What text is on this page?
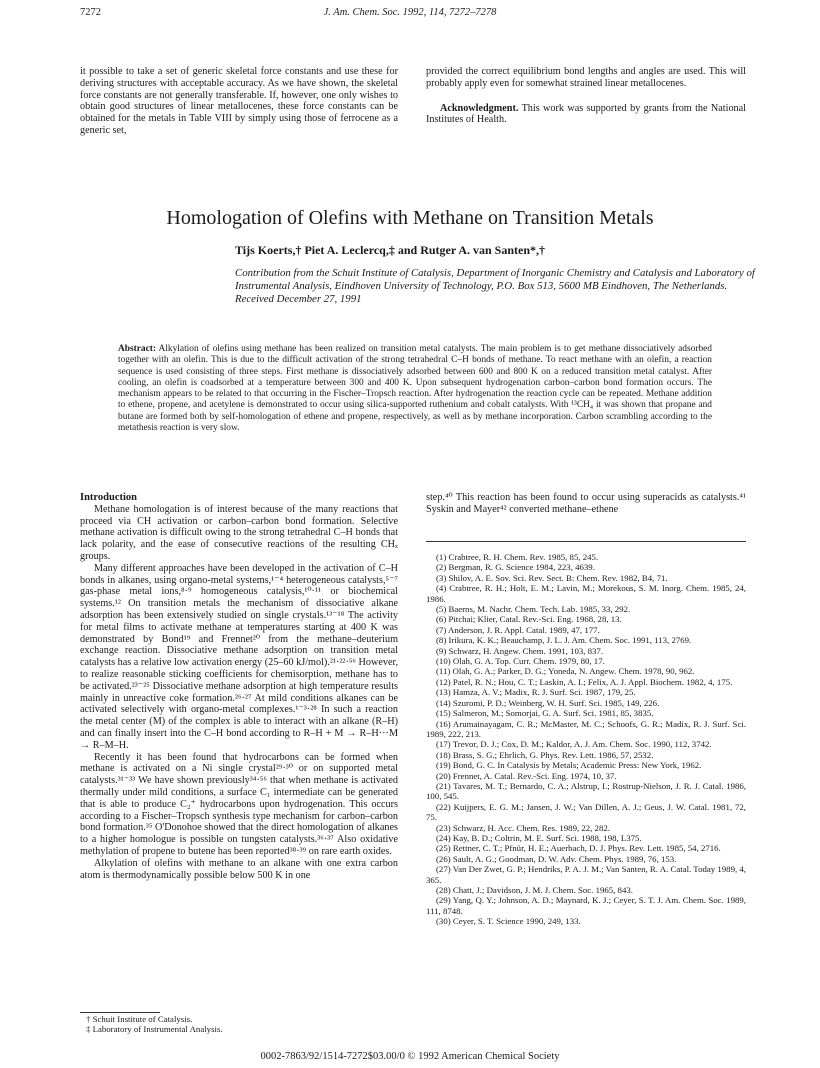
7272	J. Am. Chem. Soc. 1992, 114, 7272–7278

it possible to take a set of generic skeletal force constants and use these for deriving structures with acceptable accuracy. As we have shown, the skeletal force constants are not generally transferable. If, however, one only wishes to obtain good structures of linear metallocenes, these force constants can be obtained for the metals in Table VIII by simply using those of ferrocene as a generic set,

provided the correct equilibrium bond lengths and angles are used. This will probably apply even for somewhat strained linear metallocenes.

Acknowledgment. This work was supported by grants from the National Institutes of Health.

Homologation of Olefins with Methane on Transition Metals
Tijs Koerts,† Piet A. Leclercq,‡ and Rutger A. van Santen*,†
Contribution from the Schuit Institute of Catalysis, Department of Inorganic Chemistry and Catalysis and Laboratory of Instrumental Analysis, Eindhoven University of Technology, P.O. Box 513, 5600 MB Eindhoven, The Netherlands. Received December 27, 1991
Abstract: Alkylation of olefins using methane has been realized on transition metal catalysts. The main problem is to get methane dissociatively adsorbed together with an olefin. This is due to the difficult activation of the strong tetrahedral C–H bonds of methane. To react methane with an olefin, a reaction sequence is used consisting of three steps. First methane is dissociatively adsorbed between 600 and 800 K on a reduced transition metal catalyst. After cooling, an olefin is coadsorbed at a temperature between 300 and 400 K. Upon subsequent hydrogenation carbon–carbon bond formation occurs. The mechanism appears to be related to that occurring in the Fischer–Tropsch reaction. After hydrogenation the reaction cycle can be repeated. Methane addition to ethene, propene, and acetylene is demonstrated to occur using silica-supported ruthenium and cobalt catalysts. With ¹³CH₄ it was shown that propane and butane are formed both by self-homologation of ethene and propene, respectively, as well as by methane incorporation. Carbon scrambling according to the metathesis reaction is very slow.

Introduction

Methane homologation is of interest because of the many reactions that proceed via CH activation or carbon–carbon bond formation. Selective methane activation is difficult owing to the strong tetrahedral C–H bonds that lack polarity, and the ease of consecutive reactions of the resulting CHₓ groups.

Many different approaches have been developed in the activation of C–H bonds in alkanes, using organo-metal systems,¹⁻⁴ heterogeneous catalysts,⁵⁻⁷ gas-phase metal ions,⁸·⁹ homogeneous catalysis,¹⁰·¹¹ or biochemical systems.¹² On transition metals the mechanism of dissociative alkane adsorption has been extensively studied on single crystals.¹³⁻¹⁸ The activity for metal films to activate methane at temperatures starting at 400 K was demonstrated by Bond¹⁹ and Frennet²⁰ from the methane–deuterium exchange reaction. Dissociative methane adsorption on transition metal catalysts has a relative low activation energy (25–60 kJ/mol).²¹·²²·⁵⁶ However, to realize reasonable sticking coefficients for chemisorption, methane has to be activated.²³⁻²⁵ Dissociative methane adsorption at high temperature results mainly in unreactive coke formation.²⁶·²⁷ At mild conditions alkanes can be activated selectively with organo-metal complexes.¹⁻³·²⁸ In such a reaction the metal center (M) of the complex is able to interact with an alkane (R–H) and can finally insert into the C–H bond according to R–H + M → R–H···M → R–M–H.

Recently it has been found that hydrocarbons can be formed when methane is activated on a Ni single crystal²⁹·³⁰ or on supported metal catalysts.³¹⁻³³ We have shown previously³⁴·⁵⁶ that when methane is activated thermally under mild conditions, a surface C₁ intermediate can be generated that is able to produce C₂⁺ hydrocarbons upon hydrogenation. This occurs according to a Fischer–Tropsch synthesis type mechanism for carbon–carbon bond formation.³⁵ O'Donohoe showed that the direct homologation of alkanes to a higher homologue is possible on tungsten catalysts.³⁶·³⁷ Also oxidative methylation of propene to butene has been reported³⁸·³⁹ on rare earth oxides.

Alkylation of olefins with methane to an alkane with one extra carbon atom is thermodynamically possible below 500 K in one

step.⁴⁰ This reaction has been found to occur using superacids as catalysts.⁴¹ Syskin and Mayer⁴² converted methane–ethene

(1) Crabtree, R. H. Chem. Rev. 1985, 85, 245.
(2) Bergman, R. G. Science 1984, 223, 4639.
(3) Shilov, A. E. Sov. Sci. Rev. Sect. B: Chem. Rev. 1982, B4, 71.
(4) Crabtree, R. H.; Holt, E. M.; Lavin, M.; Morekous, S. M. Inorg. Chem. 1985, 24, 1986.
(5) Baerns, M. Nachr. Chem. Tech. Lab. 1985, 33, 292.
(6) Pitchai; Klier, Catal. Rev.-Sci. Eng. 1968, 28, 13.
(7) Anderson, J. R. Appl. Catal. 1989, 47, 177.
(8) Irikura, K. K.; Beauchamp, J. L. J. Am. Chem. Soc. 1991, 113, 2769.
(9) Schwarz, H. Angew. Chem. 1991, 103, 837.
(10) Olah, G. A. Top. Curr. Chem. 1979, 80, 17.
(11) Olah, G. A.; Parker, D. G.; Yoneda, N. Angew. Chem. 1978, 90, 962.
(12) Patel, R. N.; Hou, C. T.; Laskin, A. I.; Felix, A. J. Appl. Biochem. 1982, 4, 175.
(13) Hamza, A. V.; Madix, R. J. Surf. Sci. 1987, 179, 25.
(14) Szuromi, P. D.; Weinberg, W. H. Surf. Sci. 1985, 149, 226.
(15) Salmeron, M.; Somorjai, G. A. Surf. Sci. 1981, 85, 3835.
(16) Arumainayagam, C. R.; McMaster, M. C.; Schoofs, G. R.; Madix, R. J. Surf. Sci. 1989, 222, 213.
(17) Trevor, D. J.; Cox, D. M.; Kaldor, A. J. Am. Chem. Soc. 1990, 112, 3742.
(18) Brass, S. G.; Ehrlich, G. Phys. Rev. Lett. 1986, 57, 2532.
(19) Bond, G. C. In Catalysis by Metals; Academic Press: New York, 1962.
(20) Frennet, A. Catal. Rev.-Sci. Eng. 1974, 10, 37.
(21) Tavares, M. T.; Bernardo, C. A.; Alstrup, I.; Rostrup-Nielson, J. R. J. Catal. 1986, 100, 545.
(22) Kuijpers, E. G. M.; Jansen, J. W.; Van Dillen, A. J.; Geus, J. W. Catal. 1981, 72, 75.
(23) Schwarz, H. Acc. Chem. Res. 1989, 22, 282.
(24) Kay, B. D.; Coltrin, M. E. Surf. Sci. 1988, 198, L375.
(25) Rettner, C. T.; Pfnür, H. E.; Auerbach, D. J. Phys. Rev. Lett. 1985, 54, 2716.
(26) Sault, A. G.; Goodman, D. W. Adv. Chem. Phys. 1989, 76, 153.
(27) Van Der Zwet, G. P.; Hendriks, P. A. J. M.; Van Santen, R. A. Catal. Today 1989, 4, 365.
(28) Chatt, J.; Davidson, J. M. J. Chem. Soc. 1965, 843.
(29) Yang, Q. Y.; Johnson, A. D.; Maynard, K. J.; Ceyer, S. T. J. Am. Chem. Soc. 1989, 111, 8748.
(30) Ceyer, S. T. Science 1990, 249, 133.
† Schuit Institute of Catalysis.
‡ Laboratory of Instrumental Analysis.
0002-7863/92/1514-7272$03.00/0 © 1992 American Chemical Society
